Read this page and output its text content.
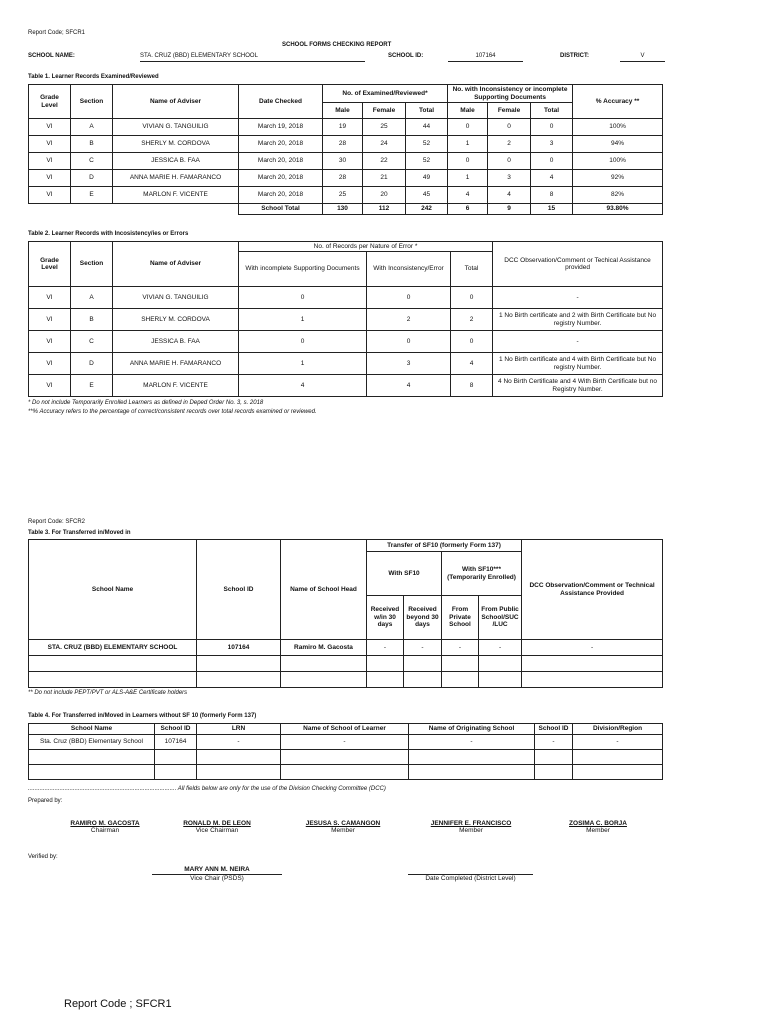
Report Code; SFCR1
SCHOOL FORMS CHECKING REPORT
SCHOOL NAME:	STA. CRUZ (BBD) ELEMENTARY SCHOOL	SCHOOL ID:	107164	DISTRICT:	V
Table 1. Learner Records Examined/Reviewed
Grade Level	Section	Name of Adviser	Date Checked	No. of Examined/Reviewed*			No. with Inconsistency or incomplete Supporting Documents			% Accuracy **
				Male	Female	Total	Male	Female	Total	
VI	A	VIVIAN G. TANGUILIG	March 19, 2018	19	25	44	0	0	0	100%
VI	B	SHERLY M. CORDOVA	March 20, 2018	28	24	52	1	2	3	94%
VI	C	JESSICA B. FAA	March 20, 2018	30	22	52	0	0	0	100%
VI	D	ANNA MARIE H. FAMARANCO	March 20, 2018	28	21	49	1	3	4	92%
VI	E	MARLON F. VICENTE	March 20, 2018	25	20	45	4	4	8	82%
			School Total	130	112	242	6	9	15	93.80%
Table 2. Learner Records with Incosistency/ies or Errors
Grade Level	Section	Name of Adviser	No. of Records per Nature of Error *			DCC Observation/Comment or Techical Assistance provided
			With incomplete Supporting Documents	With Inconsistency/Error	Total	
VI	A	VIVIAN G. TANGUILIG	0	0	0	-
VI	B	SHERLY M. CORDOVA	1	2	2	1 No Birth certificate and 2 with Birth Certificate but No registry Number.
VI	C	JESSICA B. FAA	0	0	0	-
VI	D	ANNA MARIE H. FAMARANCO	1	3	4	1 No Birth certificate and 4 with Birth Certificate but No registry Number.
VI	E	MARLON F. VICENTE	4	4	8	4 No Birth Certificate and 4 With Birth Certificate but no Registry Number.
* Do not include Temporarily Enrolled Learners as defined in Deped Order No. 3, s. 2018
**% Accuracy refers to the percentage of correct/consistent records over total records examined or reviewed.
Report Code: SFCR2
Table 3. For Transferred in/Moved in
School Name	School ID	Name of School Head	Transfer of SF10 (formerly Form 137)				DCC Observation/Comment or Technical Assistance Provided
			With SF10		With SF10*** (Temporarily Enrolled)		
			Received w/in 30 days	Received beyond 30 days	From Private School	From Public School/SUC /LUC	
STA. CRUZ (BBD) ELEMENTARY SCHOOL	107164	Ramiro M. Gacosta	-	-	-	-	-

** Do not include PEPT/PVT or ALS-A&E Certificate holders
Table 4. For Transferred in/Moved in Learners without SF 10 (formerly Form 137)
School Name	School ID	LRN	Name of School of Learner	Name of Originating School	School ID	Division/Region
Sta. Cruz (BBD) Elementary School	107164	-	-	-	-	-

......................................................................................... All fields below are only for the use of the Division Checking Committee (DCC)
Prepared by:
RAMIRO M. GACOSTA
Chairman
RONALD M. DE LEON
Vice Chairman
JESUSA S. CAMANGON
Member
JENNIFER E. FRANCISCO
Member
ZOSIMA C. BORJA
Member
Verified by:
MARY ANN M. NEIRA
Vice Chair (PSDS)	Date Completed (District Level)
Report Code ; SFCR1
